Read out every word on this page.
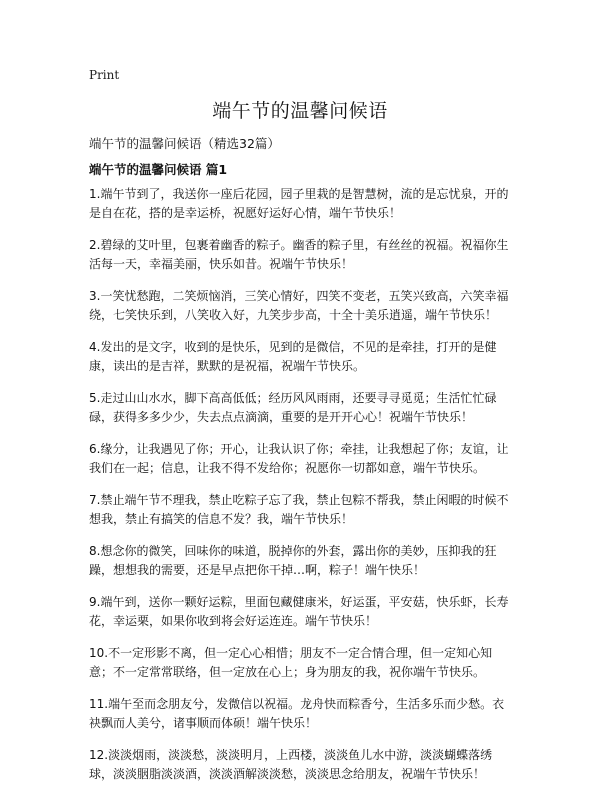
Print
端午节的温馨问候语

端午节的温馨问候语（精选32篇）

端午节的温馨问候语 篇1

1.端午节到了，我送你一座后花园，园子里栽的是智慧树，流的是忘忧泉，开的是自在花，搭的是幸运桥，祝愿好运好心情，端午节快乐！
2.碧绿的艾叶里，包裹着幽香的粽子。幽香的粽子里，有丝丝的祝福。祝福你生活每一天，幸福美丽，快乐如昔。祝端午节快乐！
3.一笑忧愁跑，二笑烦恼消，三笑心情好，四笑不变老，五笑兴致高，六笑幸福绕，七笑快乐到，八笑收入好，九笑步步高，十全十美乐逍遥，端午节快乐！
4.发出的是文字，收到的是快乐，见到的是微信，不见的是牵挂，打开的是健康，读出的是吉祥，默默的是祝福，祝端午节快乐。
5.走过山山水水，脚下高高低低；经历风风雨雨，还要寻寻觅觅；生活忙忙碌碌，获得多多少少，失去点点滴滴，重要的是开开心心！祝端午节快乐！
6.缘分，让我遇见了你；开心，让我认识了你；牵挂，让我想起了你；友谊，让我们在一起；信息，让我不得不发给你；祝愿你一切都如意，端午节快乐。
7.禁止端午节不理我，禁止吃粽子忘了我，禁止包粽不帮我，禁止闲暇的时候不想我，禁止有搞笑的信息不发？我，端午节快乐！
8.想念你的微笑，回味你的味道，脱掉你的外套，露出你的美妙，压抑我的狂躁，想想我的需要，还是早点把你干掉…啊，粽子！端午快乐！
9.端午到，送你一颗好运粽，里面包藏健康米，好运蛋，平安菇，快乐虾，长寿花，幸运栗，如果你收到将会好运连连。端午节快乐！
10.不一定形影不离，但一定心心相惜；朋友不一定合情合理，但一定知心知意；不一定常常联络，但一定放在心上；身为朋友的我，祝你端午节快乐。
11.端午至而念朋友兮，发微信以祝福。龙舟快而粽香兮，生活多乐而少愁。衣袂飘而人美兮，诸事顺而体硕！端午快乐！
12.淡淡烟雨，淡淡愁，淡淡明月，上西楼，淡淡鱼儿水中游，淡淡蝴蝶落绣球，淡淡胭脂淡淡酒，淡淡酒解淡淡愁，淡淡思念给朋友，祝端午节快乐！
